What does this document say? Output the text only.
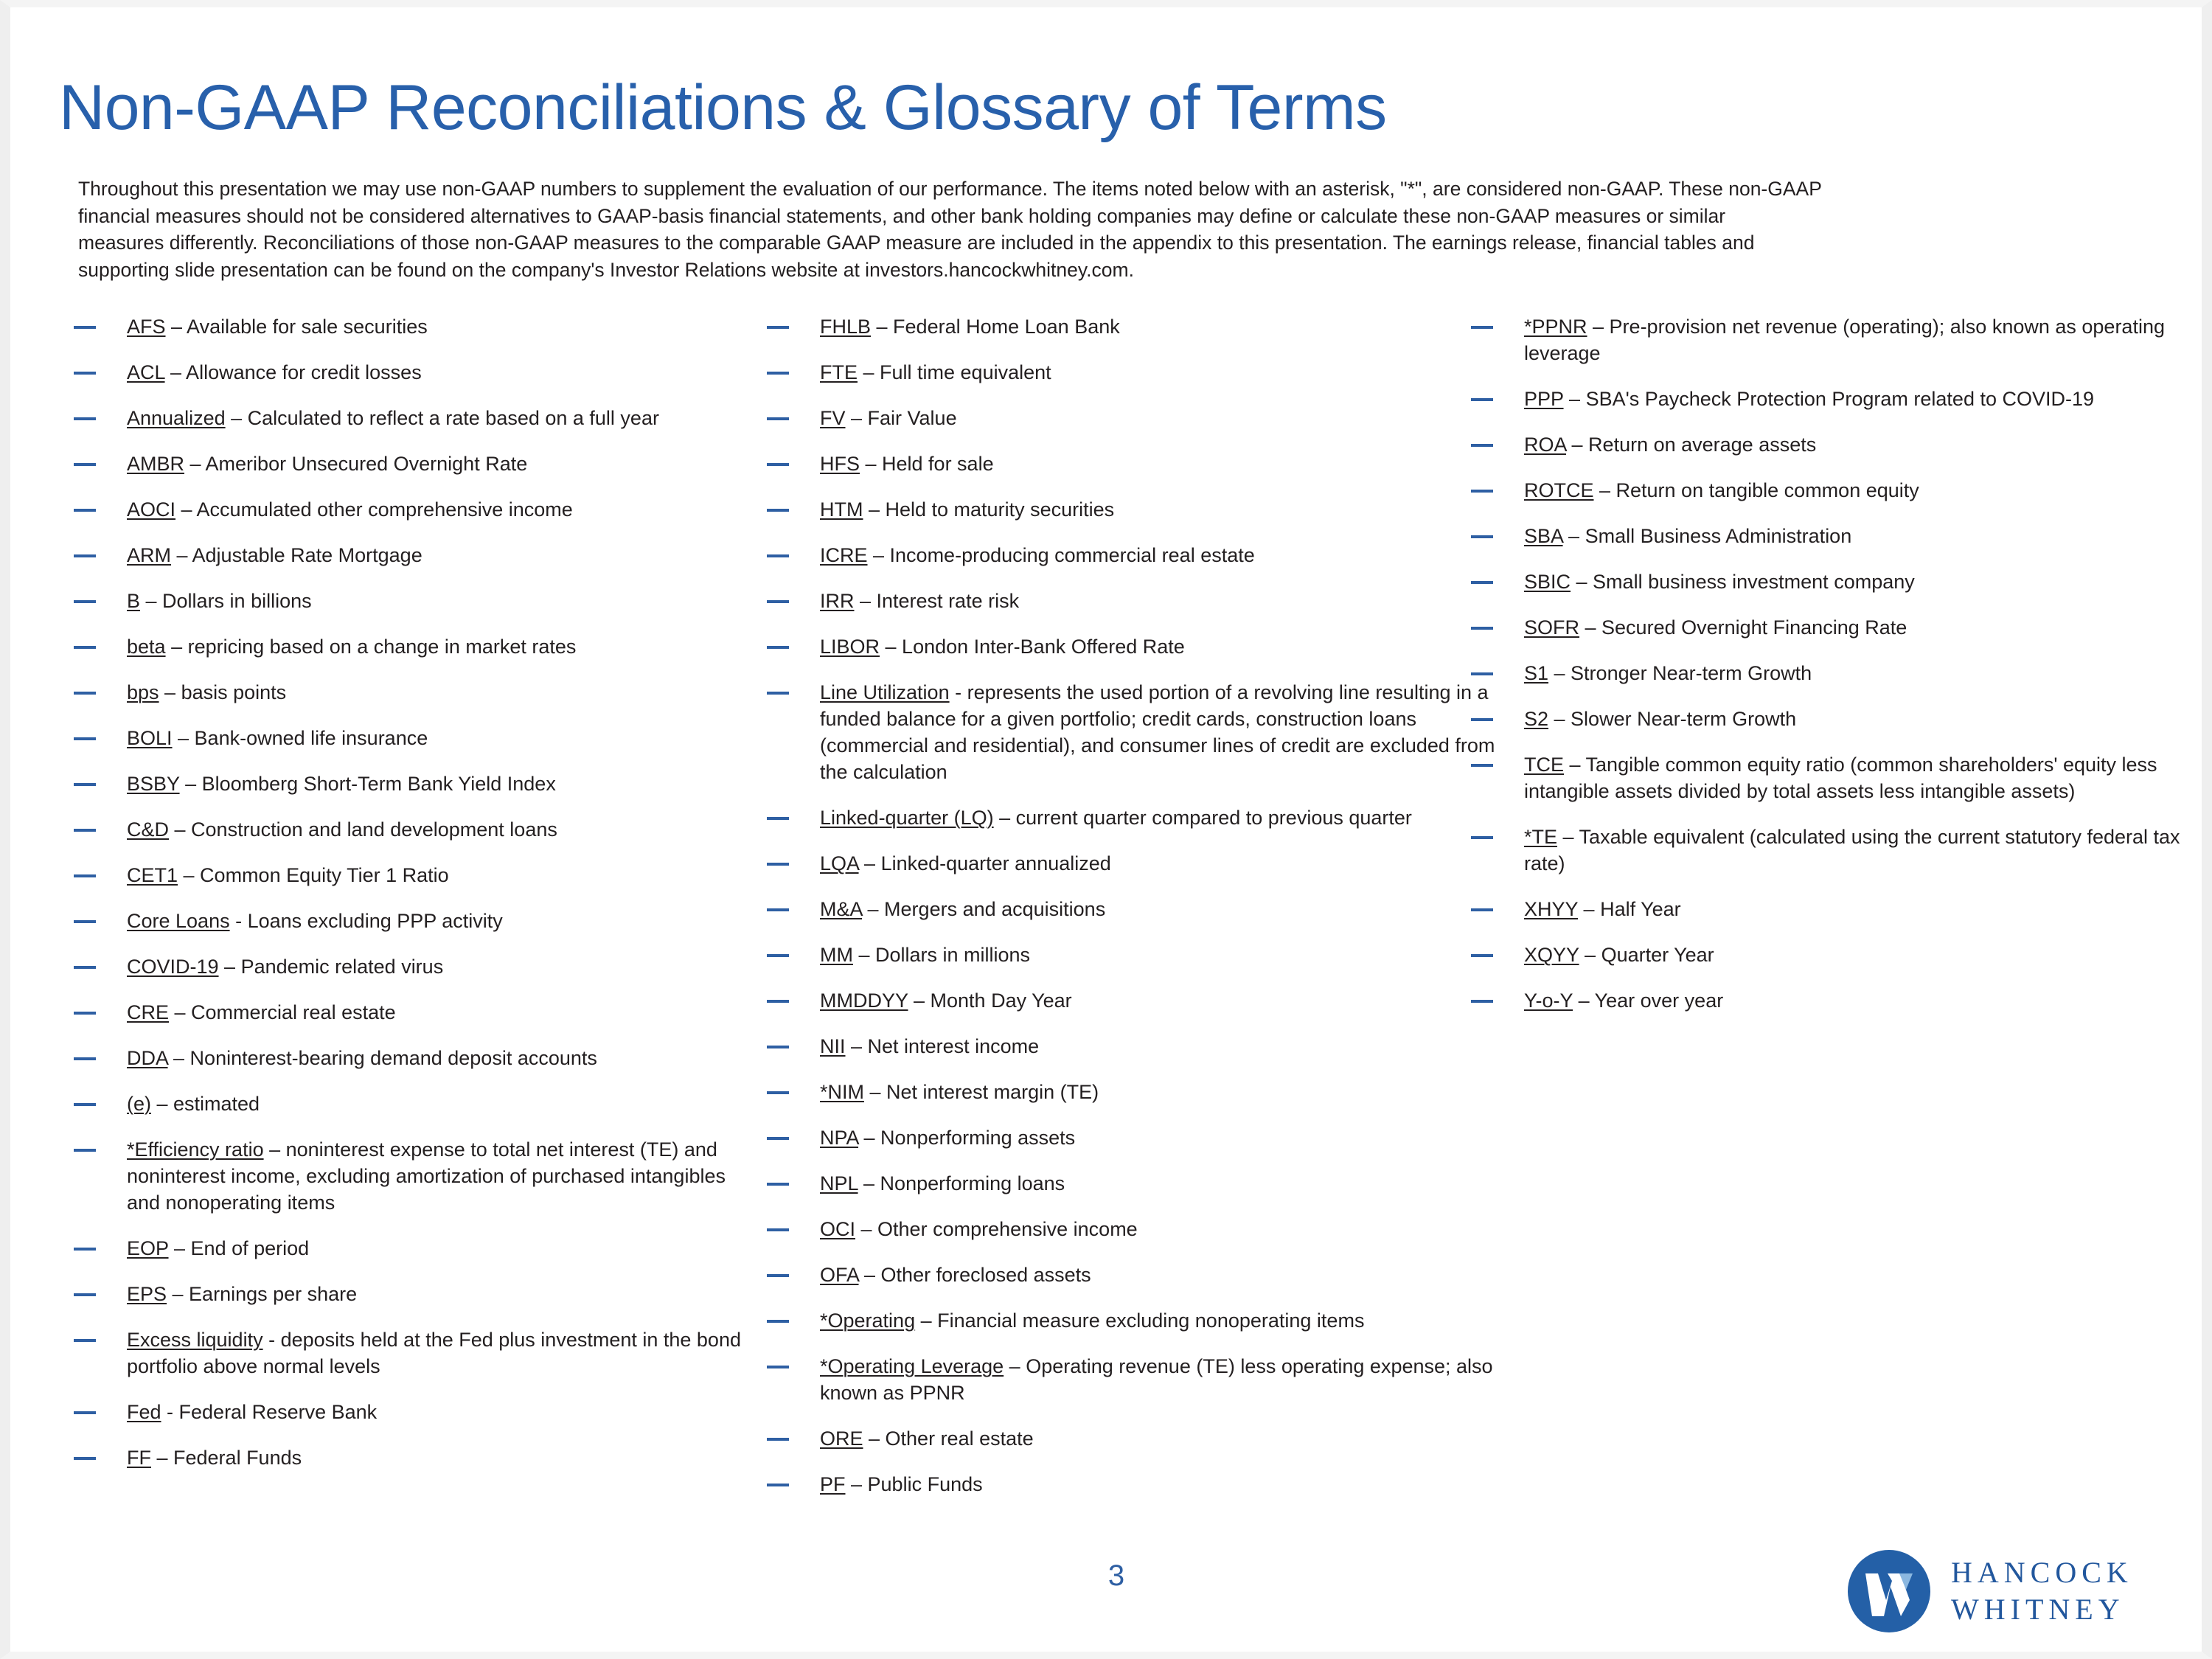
Non-GAAP Reconciliations & Glossary of Terms
Throughout this presentation we may use non-GAAP numbers to supplement the evaluation of our performance. The items noted below with an asterisk, "*", are considered non-GAAP. These non-GAAP
financial measures should not be considered alternatives to GAAP-basis financial statements, and other bank holding companies may define or calculate these non-GAAP measures or similar
measures differently. Reconciliations of those non-GAAP measures to the comparable GAAP measure are included in the appendix to this presentation. The earnings release, financial tables and
supporting slide presentation can be found on the company's Investor Relations website at investors.hancockwhitney.com.
AFS – Available for sale securities
ACL – Allowance for credit losses
Annualized – Calculated to reflect a rate based on a full year
AMBR – Ameribor Unsecured Overnight Rate
AOCI – Accumulated other comprehensive income
ARM – Adjustable Rate Mortgage
B – Dollars in billions
beta – repricing based on a change in market rates
bps – basis points
BOLI – Bank-owned life insurance
BSBY – Bloomberg Short-Term Bank Yield Index
C&D – Construction and land development loans
CET1 – Common Equity Tier 1 Ratio
Core Loans - Loans excluding PPP activity
COVID-19 – Pandemic related virus
CRE – Commercial real estate
DDA – Noninterest-bearing demand deposit accounts
(e) – estimated
*Efficiency ratio – noninterest expense to total net interest (TE) and noninterest income, excluding amortization of purchased intangibles and nonoperating items
EOP – End of period
EPS – Earnings per share
Excess liquidity - deposits held at the Fed plus investment in the bond portfolio above normal levels
Fed - Federal Reserve Bank
FF – Federal Funds
FHLB – Federal Home Loan Bank
FTE – Full time equivalent
FV – Fair Value
HFS – Held for sale
HTM – Held to maturity securities
ICRE – Income-producing commercial real estate
IRR – Interest rate risk
LIBOR – London Inter-Bank Offered Rate
Line Utilization - represents the used portion of a revolving line resulting in a funded balance for a given portfolio; credit cards, construction loans (commercial and residential), and consumer lines of credit are excluded from the calculation
Linked-quarter (LQ) – current quarter compared to previous quarter
LQA – Linked-quarter annualized
M&A – Mergers and acquisitions
MM – Dollars in millions
MMDDYY – Month Day Year
NII – Net interest income
*NIM – Net interest margin (TE)
NPA – Nonperforming assets
NPL – Nonperforming loans
OCI – Other comprehensive income
OFA – Other foreclosed assets
*Operating – Financial measure excluding nonoperating items
*Operating Leverage – Operating revenue (TE) less operating expense; also known as PPNR
ORE – Other real estate
PF – Public Funds
*PPNR – Pre-provision net revenue (operating); also known as operating leverage
PPP – SBA's Paycheck Protection Program related to COVID-19
ROA – Return on average assets
ROTCE – Return on tangible common equity
SBA – Small Business Administration
SBIC – Small business investment company
SOFR – Secured Overnight Financing Rate
S1 – Stronger Near-term Growth
S2 – Slower Near-term Growth
TCE – Tangible common equity ratio (common shareholders' equity less intangible assets divided by total assets less intangible assets)
*TE – Taxable equivalent (calculated using the current statutory federal tax rate)
XHYY – Half Year
XQYY – Quarter Year
Y-o-Y – Year over year
3	HANCOCK
WHITNEY
